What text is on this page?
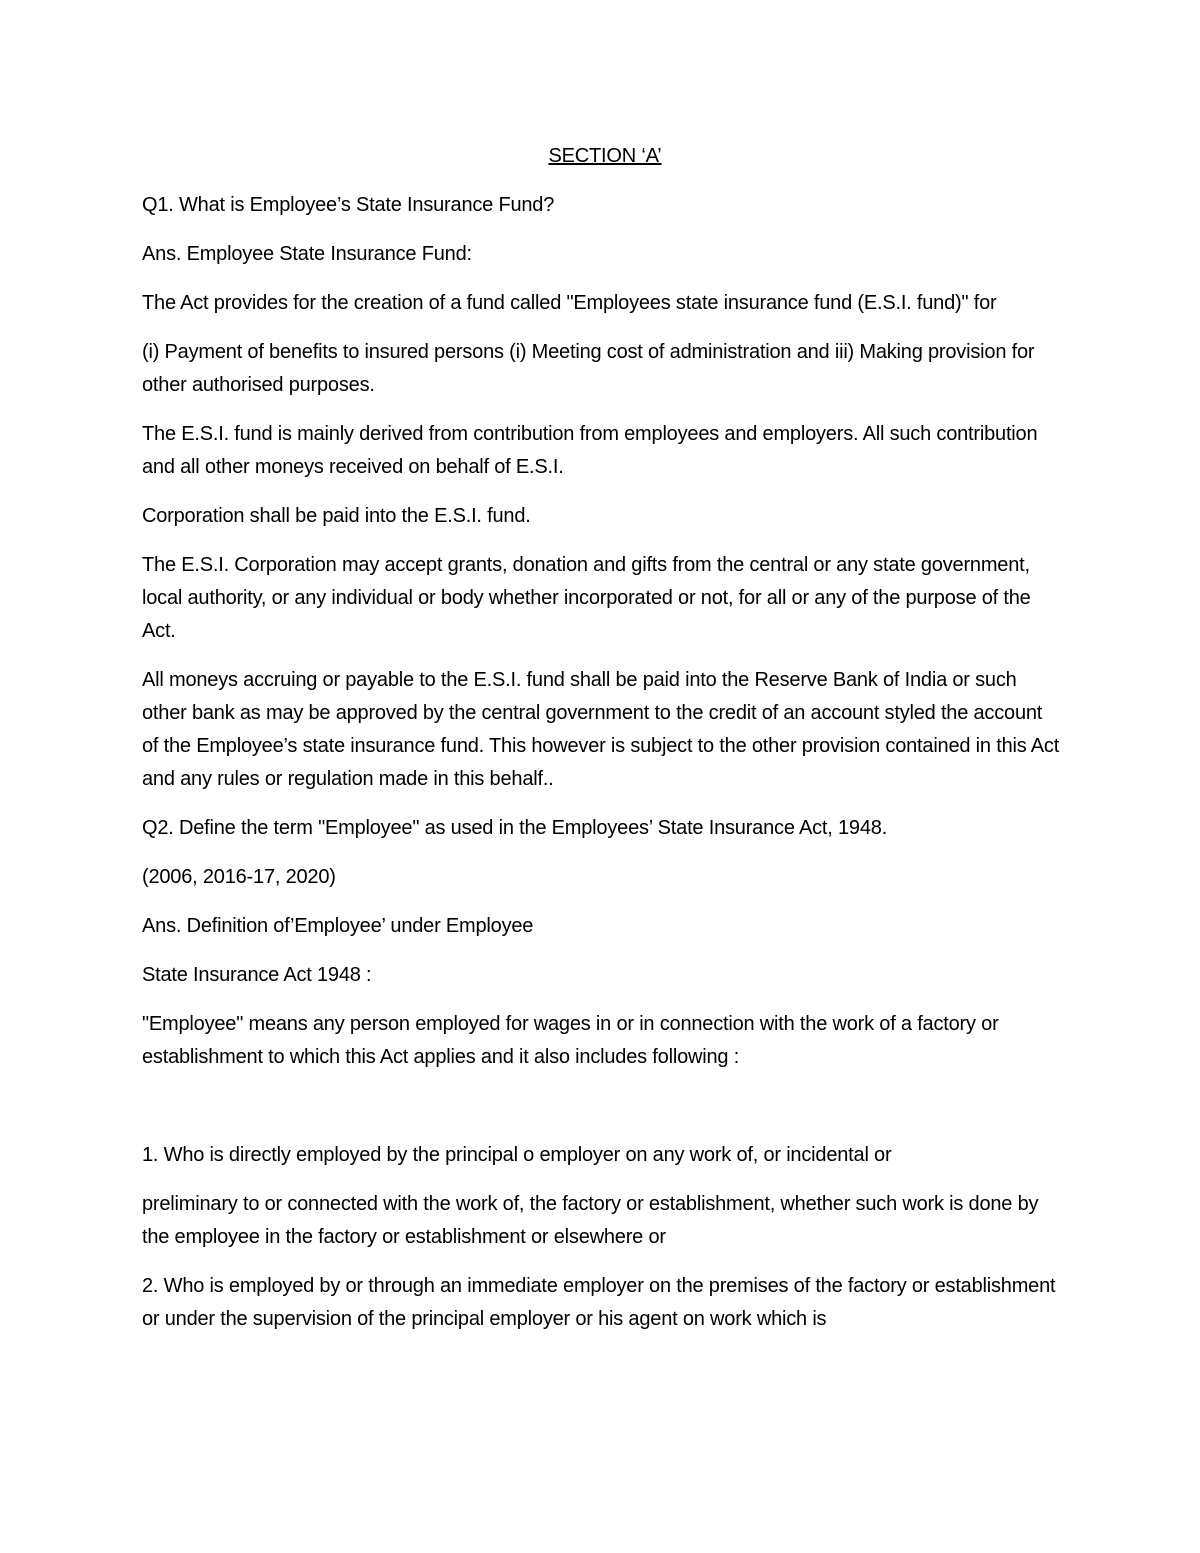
SECTION ‘A’

Q1. What is Employee’s State Insurance Fund?

Ans. Employee State Insurance Fund:

The Act provides for the creation of a fund called "Employees state insurance fund (E.S.I. fund)" for

(i) Payment of benefits to insured persons (i) Meeting cost of administration and iii) Making provision for other authorised purposes.

The E.S.I. fund is mainly derived from contribution from employees and employers. All such contribution and all other moneys received on behalf of E.S.I.

Corporation shall be paid into the E.S.I. fund.

The E.S.I. Corporation may accept grants, donation and gifts from the central or any state government, local authority, or any individual or body whether incorporated or not, for all or any of the purpose of the Act.

All moneys accruing or payable to the E.S.I. fund shall be paid into the Reserve Bank of India or such other bank as may be approved by the central government to the credit of an account styled the account of the Employee’s state insurance fund. This however is subject to the other provision contained in this Act and any rules or regulation made in this behalf..

Q2. Define the term "Employee" as used in the Employees’ State Insurance Act, 1948.

(2006, 2016-17, 2020)

Ans. Definition of’Employee’ under Employee

State Insurance Act 1948 :

"Employee" means any person employed for wages in or in connection with the work of a factory or establishment to which this Act applies and it also includes following :

1. Who is directly employed by the principal o employer on any work of, or incidental or

preliminary to or connected with the work of, the factory or establishment, whether such work is done by the employee in the factory or establishment or elsewhere or

2. Who is employed by or through an immediate employer on the premises of the factory or establishment or under the supervision of the principal employer or his agent on work which is
